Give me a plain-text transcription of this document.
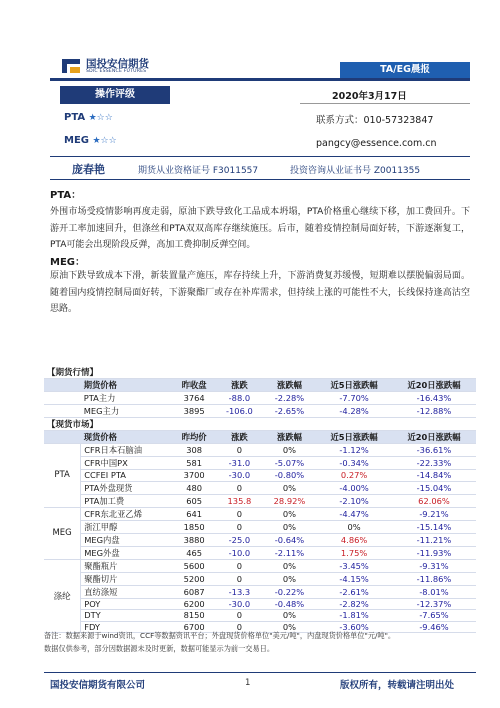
国投安信期货
SDIC ESSENCE FUTURES	TA/EG晨报
操作评级	2020年3月17日
PTA ★☆☆
MEG ★☆☆
联系方式：010-57323847
pangcy@essence.com.cn
庞春艳	期货从业资格证号 F3011557	投资咨询从业证书号 Z0011355
PTA：
外围市场受疫情影响再度走弱，原油下跌导致化工品成本坍塌，PTA价格重心继续下移，加工费回升。下游开工率加速回升，但涤丝和PTA双双高库存继续施压。后市，随着疫情控制局面好转，下游逐渐复工，PTA可能会出现阶段反弹，高加工费抑制反弹空间。
MEG：
原油下跌导致成本下滑，新装置量产施压，库存持续上升，下游消费复苏缓慢，短期难以摆脱偏弱局面。随着国内疫情控制局面好转，下游聚酯厂或存在补库需求，但持续上涨的可能性不大，长线保持逢高沽空思路。
【期货行情】						
	期货价格	昨收盘	涨跌	涨跌幅	近5日涨跌幅	近20日涨跌幅
	PTA主力	3764	-88.0	-2.28%	-7.70%	-16.43%
	MEG主力	3895	-106.0	-2.65%	-4.28%	-12.88%
【现货市场】						
	现货价格	昨均价	涨跌	涨跌幅	近5日涨跌幅	近20日涨跌幅
PTA	CFR日本石脑油	308	0	0%	-1.12%	-36.61%
	CFR中国PX	581	-31.0	-5.07%	-0.34%	-22.33%
	CCFEI PTA	3700	-30.0	-0.80%	0.27%	-14.84%
	PTA外盘现货	480	0	0%	-4.00%	-15.04%
	PTA加工费	605	135.8	28.92%	-2.10%	62.06%
MEG	CFR东北亚乙烯	641	0	0%	-4.47%	-9.21%
	浙江甲醇	1850	0	0%	0%	-15.14%
	MEG内盘	3880	-25.0	-0.64%	4.86%	-11.21%
	MEG外盘	465	-10.0	-2.11%	1.75%	-11.93%
涤纶	聚酯瓶片	5600	0	0%	-3.45%	-9.31%
	聚酯切片	5200	0	0%	-4.15%	-11.86%
	直纺涤短	6087	-13.3	-0.22%	-2.61%	-8.01%
	POY	6200	-30.0	-0.48%	-2.82%	-12.37%
	DTY	8150	0	0%	-1.81%	-7.65%
	FDY	6700	0	0%	-3.60%	-9.46%
备注：数据来源于wind资讯，CCF等数据资讯平台；外盘现货价格单位"美元/吨"，内盘现货价格单位"元/吨"。
数据仅供参考，部分因数据源未及时更新，数据可能显示为前一交易日。
国投安信期货有限公司	1	版权所有，转载请注明出处
